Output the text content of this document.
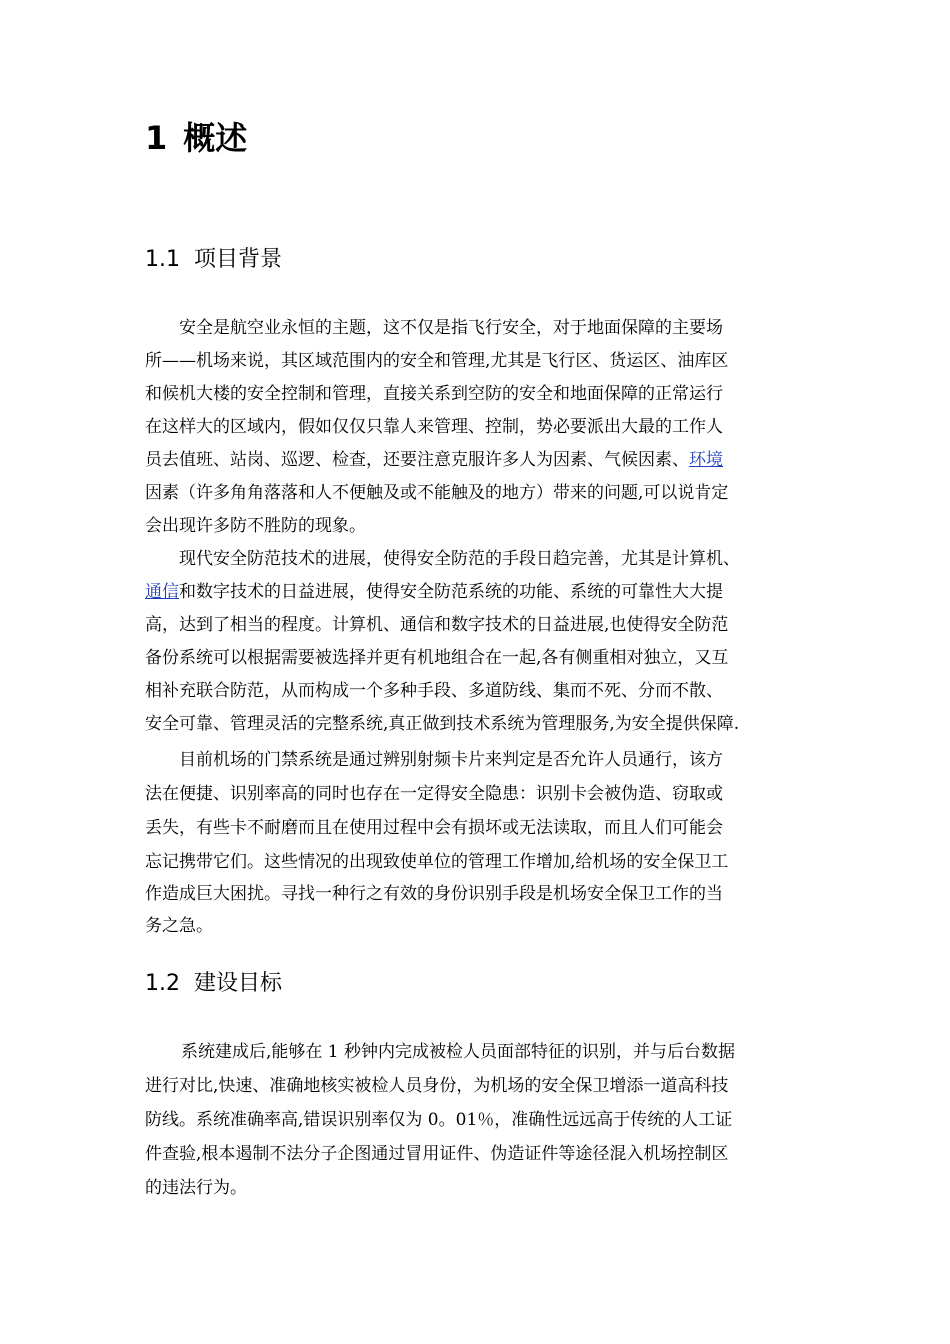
1 概述
1.1 项目背景
安全是航空业永恒的主题，这不仅是指飞行安全，对于地面保障的主要场
所——机场来说，其区域范围内的安全和管理,尤其是飞行区、货运区、油库区
和候机大楼的安全控制和管理，直接关系到空防的安全和地面保障的正常运行
在这样大的区域内，假如仅仅只靠人来管理、控制，势必要派出大最的工作人
员去值班、站岗、巡逻、检查，还要注意克服许多人为因素、气候因素、环境
因素（许多角角落落和人不便触及或不能触及的地方）带来的问题,可以说肯定
会出现许多防不胜防的现象。
现代安全防范技术的进展，使得安全防范的手段日趋完善，尤其是计算机、
通信和数字技术的日益进展，使得安全防范系统的功能、系统的可靠性大大提
高，达到了相当的程度。计算机、通信和数字技术的日益进展,也使得安全防范
备份系统可以根据需要被选择并更有机地组合在一起,各有侧重相对独立，又互
相补充联合防范，从而构成一个多种手段、多道防线、集而不死、分而不散、
安全可靠、管理灵活的完整系统,真正做到技术系统为管理服务,为安全提供保障.
目前机场的门禁系统是通过辨别射频卡片来判定是否允许人员通行，该方
法在便捷、识别率高的同时也存在一定得安全隐患：识别卡会被伪造、窃取或
丢失，有些卡不耐磨而且在使用过程中会有损坏或无法读取，而且人们可能会
忘记携带它们。这些情况的出现致使单位的管理工作增加,给机场的安全保卫工
作造成巨大困扰。寻找一种行之有效的身份识别手段是机场安全保卫工作的当
务之急。
1.2 建设目标
系统建成后,能够在 1 秒钟内完成被检人员面部特征的识别，并与后台数据
进行对比,快速、准确地核实被检人员身份，为机场的安全保卫增添一道高科技
防线。系统准确率高,错误识别率仅为 0。01％，准确性远远高于传统的人工证
件查验,根本遏制不法分子企图通过冒用证件、伪造证件等途径混入机场控制区
的违法行为。
